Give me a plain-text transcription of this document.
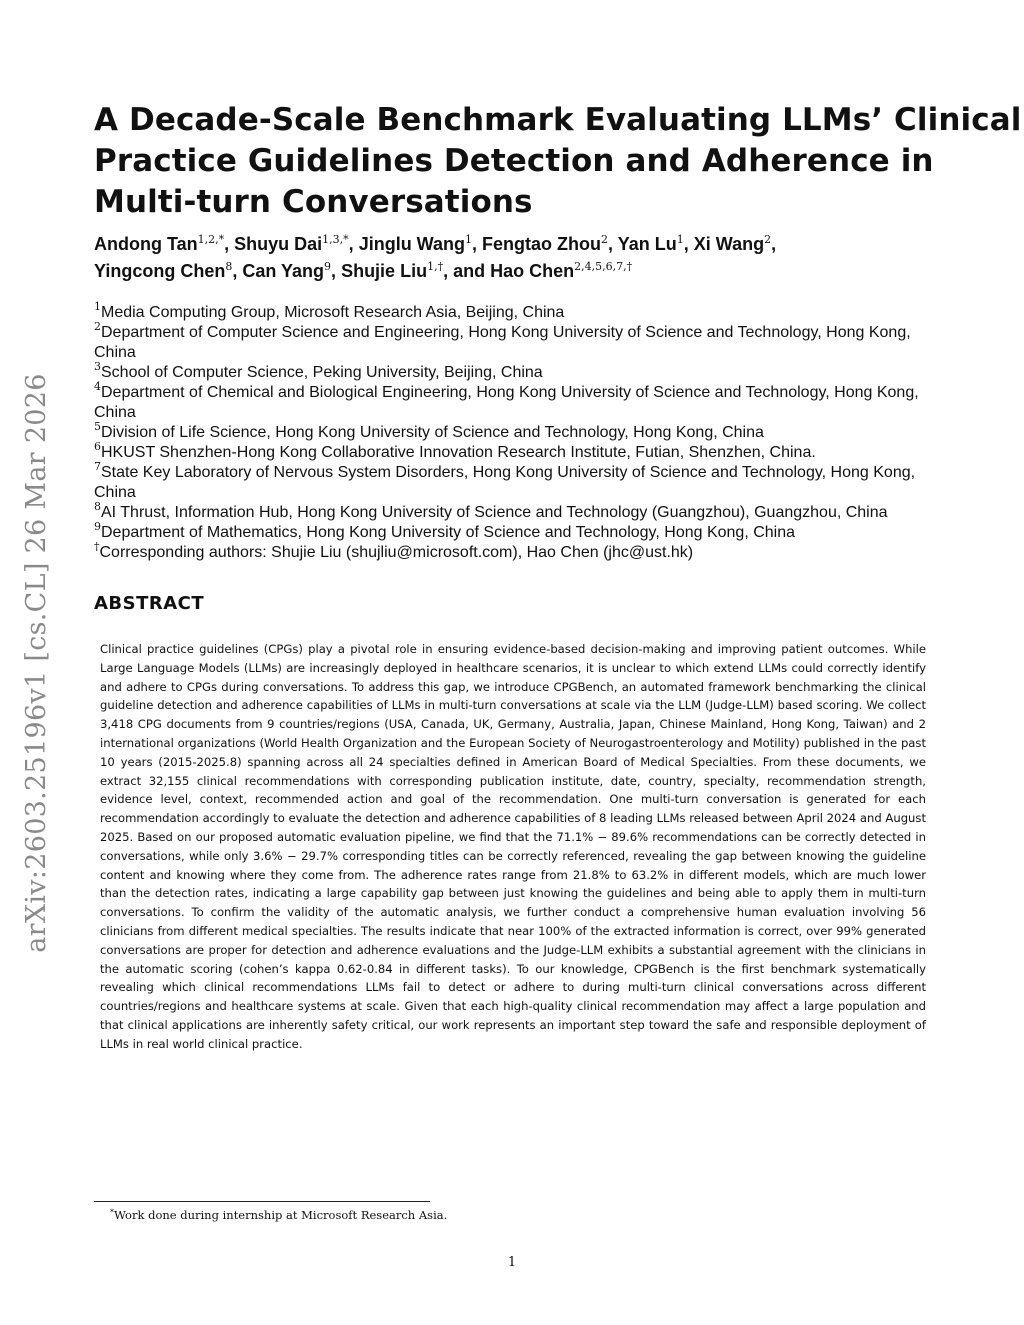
arXiv:2603.25196v1 [cs.CL] 26 Mar 2026
A Decade-Scale Benchmark Evaluating LLMs’ Clinical
Practice Guidelines Detection and Adherence in
Multi-turn Conversations
Andong Tan$^{1,2,*}$, Shuyu Dai$^{1,3,*}$, Jinglu Wang$^1$, Fengtao Zhou$^2$, Yan Lu$^1$, Xi Wang$^2$,
Yingcong Chen$^8$, Can Yang$^9$, Shujie Liu$^{1,\dagger}$, and Hao Chen$^{2,4,5,6,7,\dagger}$
$^1$Media Computing Group, Microsoft Research Asia, Beijing, China
$^2$Department of Computer Science and Engineering, Hong Kong University of Science and Technology, Hong Kong, China
$^3$School of Computer Science, Peking University, Beijing, China
$^4$Department of Chemical and Biological Engineering, Hong Kong University of Science and Technology, Hong Kong, China
$^5$Division of Life Science, Hong Kong University of Science and Technology, Hong Kong, China
$^6$HKUST Shenzhen-Hong Kong Collaborative Innovation Research Institute, Futian, Shenzhen, China.
$^7$State Key Laboratory of Nervous System Disorders, Hong Kong University of Science and Technology, Hong Kong, China
$^8$AI Thrust, Information Hub, Hong Kong University of Science and Technology (Guangzhou), Guangzhou, China
$^9$Department of Mathematics, Hong Kong University of Science and Technology, Hong Kong, China
†Corresponding authors: Shujie Liu (shujliu@microsoft.com), Hao Chen (jhc@ust.hk)
ABSTRACT

Clinical practice guidelines (CPGs) play a pivotal role in ensuring evidence-based decision-making and improving patient outcomes. While Large Language Models (LLMs) are increasingly deployed in healthcare scenarios, it is unclear to which extend LLMs could correctly identify and adhere to CPGs during conversations. To address this gap, we introduce CPGBench, an automated framework benchmarking the clinical guideline detection and adherence capabilities of LLMs in multi-turn conversations at scale via the LLM (Judge-LLM) based scoring. We collect 3,418 CPG documents from 9 countries/regions (USA, Canada, UK, Germany, Australia, Japan, Chinese Mainland, Hong Kong, Taiwan) and 2 international organizations (World Health Organization and the European Society of Neurogastroenterology and Motility) published in the past 10 years (2015-2025.8) spanning across all 24 specialties defined in American Board of Medical Specialties. From these documents, we extract 32,155 clinical recommendations with corresponding publication institute, date, country, specialty, recommendation strength, evidence level, context, recommended action and goal of the recommendation. One multi-turn conversation is generated for each recommendation accordingly to evaluate the detection and adherence capabilities of 8 leading LLMs released between April 2024 and August 2025. Based on our proposed automatic evaluation pipeline, we find that the 71.1% − 89.6% recommendations can be correctly detected in conversations, while only 3.6% − 29.7% corresponding titles can be correctly referenced, revealing the gap between knowing the guideline content and knowing where they come from. The adherence rates range from 21.8% to 63.2% in different models, which are much lower than the detection rates, indicating a large capability gap between just knowing the guidelines and being able to apply them in multi-turn conversations. To confirm the validity of the automatic analysis, we further conduct a comprehensive human evaluation involving 56 clinicians from different medical specialties. The results indicate that near 100% of the extracted information is correct, over 99% generated conversations are proper for detection and adherence evaluations and the Judge-LLM exhibits a substantial agreement with the clinicians in the automatic scoring (cohen’s kappa 0.62-0.84 in different tasks). To our knowledge, CPGBench is the first benchmark systematically revealing which clinical recommendations LLMs fail to detect or adhere to during multi-turn clinical conversations across different countries/regions and healthcare systems at scale. Given that each high-quality clinical recommendation may affect a large population and that clinical applications are inherently safety critical, our work represents an important step toward the safe and responsible deployment of LLMs in real world clinical practice.

*Work done during internship at Microsoft Research Asia.
1
